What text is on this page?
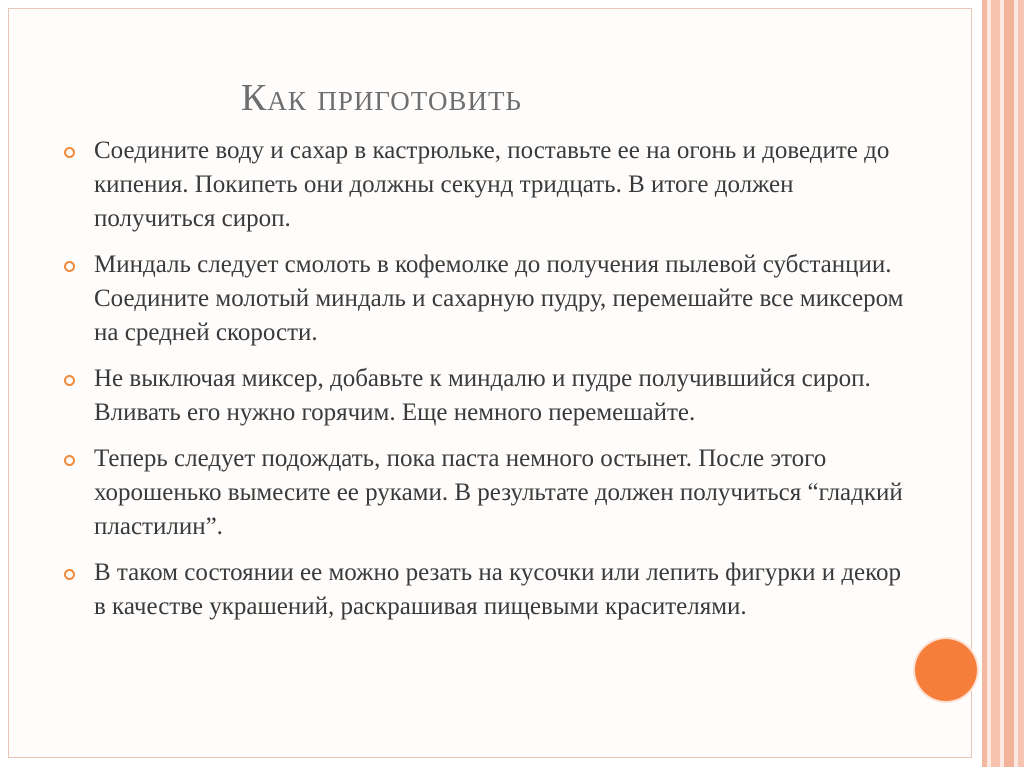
Как приготовить
Соедините воду и сахар в кастрюльке, поставьте ее на огонь и доведите до кипения. Покипеть они должны секунд тридцать. В итоге должен получиться сироп.
Миндаль следует смолоть в кофемолке до получения пылевой субстанции. Соедините молотый миндаль и сахарную пудру, перемешайте все миксером на средней скорости.
Не выключая миксер, добавьте к миндалю и пудре получившийся сироп. Вливать его нужно горячим. Еще немного перемешайте.
Теперь следует подождать, пока паста немного остынет. После этого хорошенько вымесите ее руками. В результате должен получиться “гладкий пластилин”.
В таком состоянии ее можно резать на кусочки или лепить фигурки и декор в качестве украшений, раскрашивая пищевыми красителями.
